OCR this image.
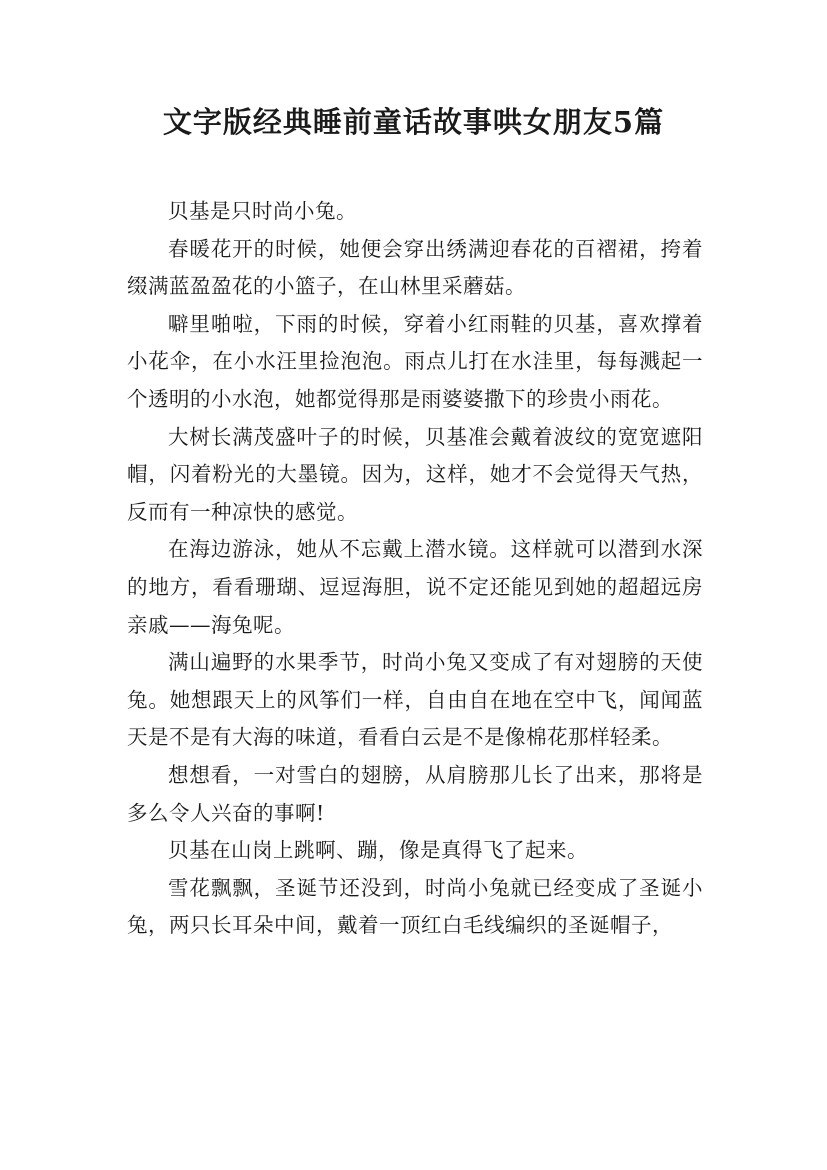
文字版经典睡前童话故事哄女朋友5篇

贝基是只时尚小兔。

春暖花开的时候，她便会穿出绣满迎春花的百褶裙，挎着缀满蓝盈盈花的小篮子，在山林里采蘑菇。

噼里啪啦，下雨的时候，穿着小红雨鞋的贝基，喜欢撑着小花伞，在小水汪里捡泡泡。雨点儿打在水洼里，每每溅起一个透明的小水泡，她都觉得那是雨婆婆撒下的珍贵小雨花。

大树长满茂盛叶子的时候，贝基准会戴着波纹的宽宽遮阳帽，闪着粉光的大墨镜。因为，这样，她才不会觉得天气热，反而有一种凉快的感觉。

在海边游泳，她从不忘戴上潜水镜。这样就可以潜到水深的地方，看看珊瑚、逗逗海胆，说不定还能见到她的超超远房亲戚——海兔呢。

满山遍野的水果季节，时尚小兔又变成了有对翅膀的天使兔。她想跟天上的风筝们一样，自由自在地在空中飞，闻闻蓝天是不是有大海的味道，看看白云是不是像棉花那样轻柔。

想想看，一对雪白的翅膀，从肩膀那儿长了出来，那将是多么令人兴奋的事啊!

贝基在山岗上跳啊、蹦，像是真得飞了起来。

雪花飘飘，圣诞节还没到，时尚小兔就已经变成了圣诞小兔，两只长耳朵中间，戴着一顶红白毛线编织的圣诞帽子，
